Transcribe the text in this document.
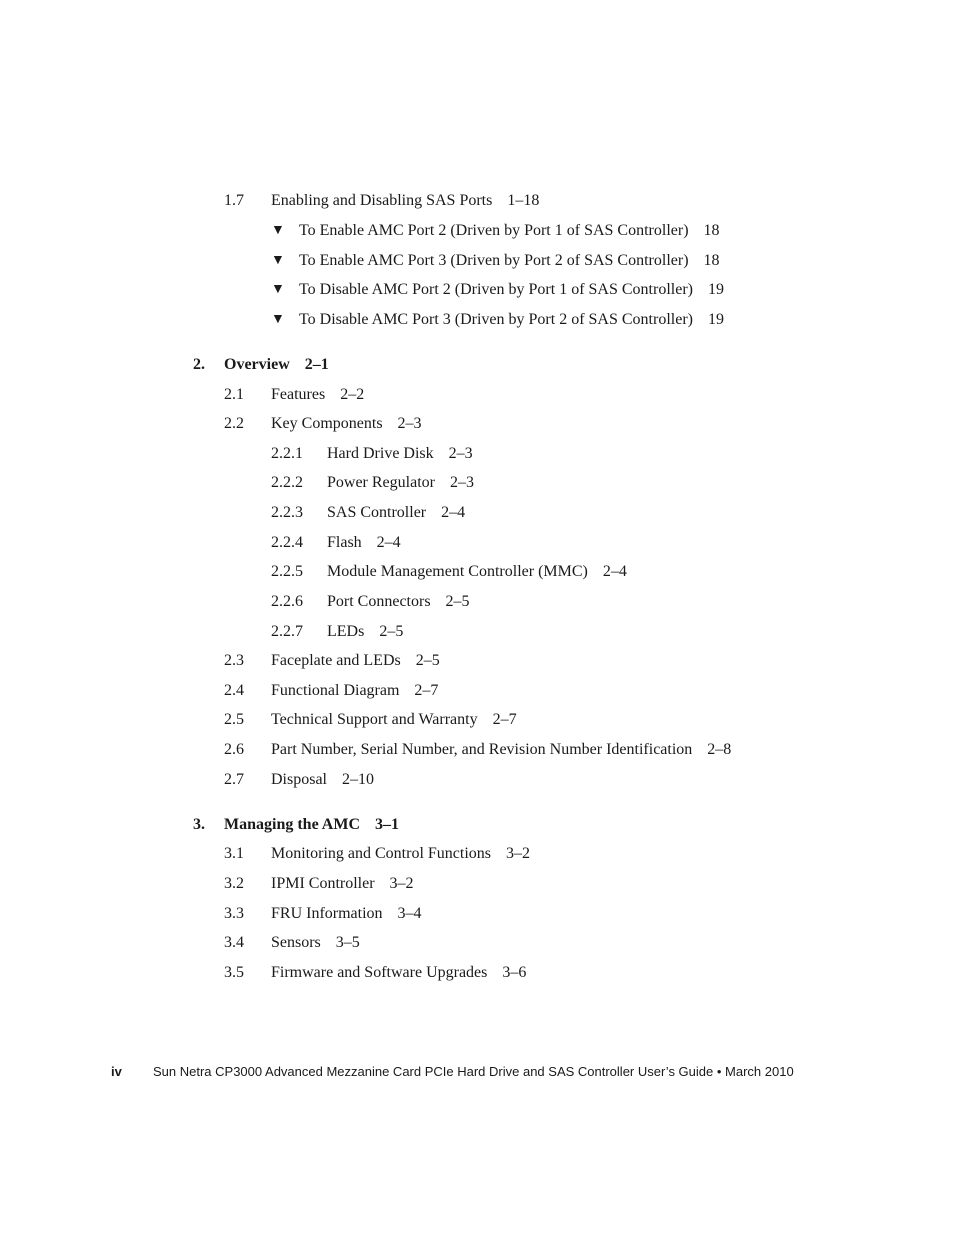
1.7 Enabling and Disabling SAS Ports 1–18
▼ To Enable AMC Port 2 (Driven by Port 1 of SAS Controller) 18
▼ To Enable AMC Port 3 (Driven by Port 2 of SAS Controller) 18
▼ To Disable AMC Port 2 (Driven by Port 1 of SAS Controller) 19
▼ To Disable AMC Port 3 (Driven by Port 2 of SAS Controller) 19
2. Overview 2–1
2.1 Features 2–2
2.2 Key Components 2–3
2.2.1 Hard Drive Disk 2–3
2.2.2 Power Regulator 2–3
2.2.3 SAS Controller 2–4
2.2.4 Flash 2–4
2.2.5 Module Management Controller (MMC) 2–4
2.2.6 Port Connectors 2–5
2.2.7 LEDs 2–5
2.3 Faceplate and LEDs 2–5
2.4 Functional Diagram 2–7
2.5 Technical Support and Warranty 2–7
2.6 Part Number, Serial Number, and Revision Number Identification 2–8
2.7 Disposal 2–10
3. Managing the AMC 3–1
3.1 Monitoring and Control Functions 3–2
3.2 IPMI Controller 3–2
3.3 FRU Information 3–4
3.4 Sensors 3–5
3.5 Firmware and Software Upgrades 3–6
iv Sun Netra CP3000 Advanced Mezzanine Card PCIe Hard Drive and SAS Controller User’s Guide • March 2010
